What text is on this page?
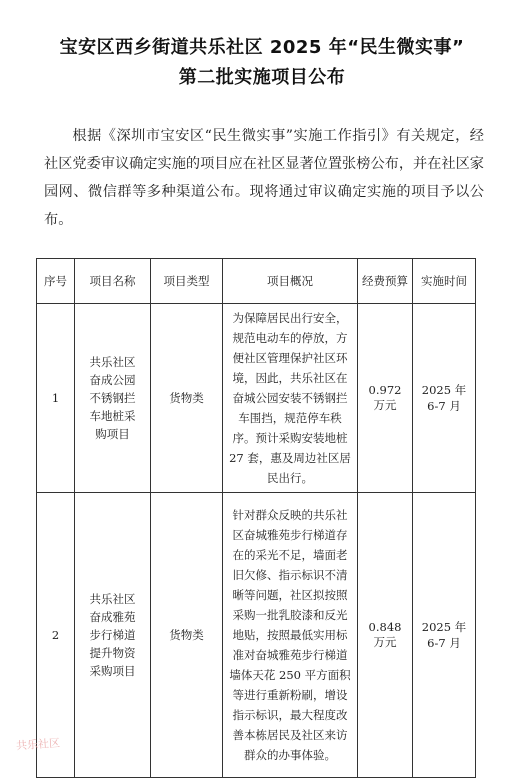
宝安区西乡街道共乐社区 2025 年“民生微实事”
第二批实施项目公布

根据《深圳市宝安区“民生微实事”实施工作指引》有关规定，经社区党委审议确定实施的项目应在社区显著位置张榜公布，并在社区家园网、微信群等多种渠道公布。现将通过审议确定实施的项目予以公布。

序号	项目名称	项目类型	项目概况	经费预算	实施时间
1	共乐社区奋成公园不锈钢拦车地桩采购项目	货物类	为保障居民出行安全，规范电动车的停放，方便社区管理保护社区环境，因此，共乐社区在奋城公园安装不锈钢拦车围挡，规范停车秩序。预计采购安装地桩 27 套，惠及周边社区居民出行。	0.972 万元	2025 年 6-7 月
2	共乐社区奋成雅苑步行梯道提升物资采购项目	货物类	针对群众反映的共乐社区奋城雅苑步行梯道存在的采光不足，墙面老旧欠修、指示标识不清晰等问题，社区拟按照采购一批乳胶漆和反光地贴，按照最低实用标准对奋城雅苑步行梯道墙体天花 250 平方面积等进行重新粉刷，增设指示标识，最大程度改善本栋居民及社区来访群众的办事体验。	0.848 万元	2025 年 6-7 月
共乐社区
